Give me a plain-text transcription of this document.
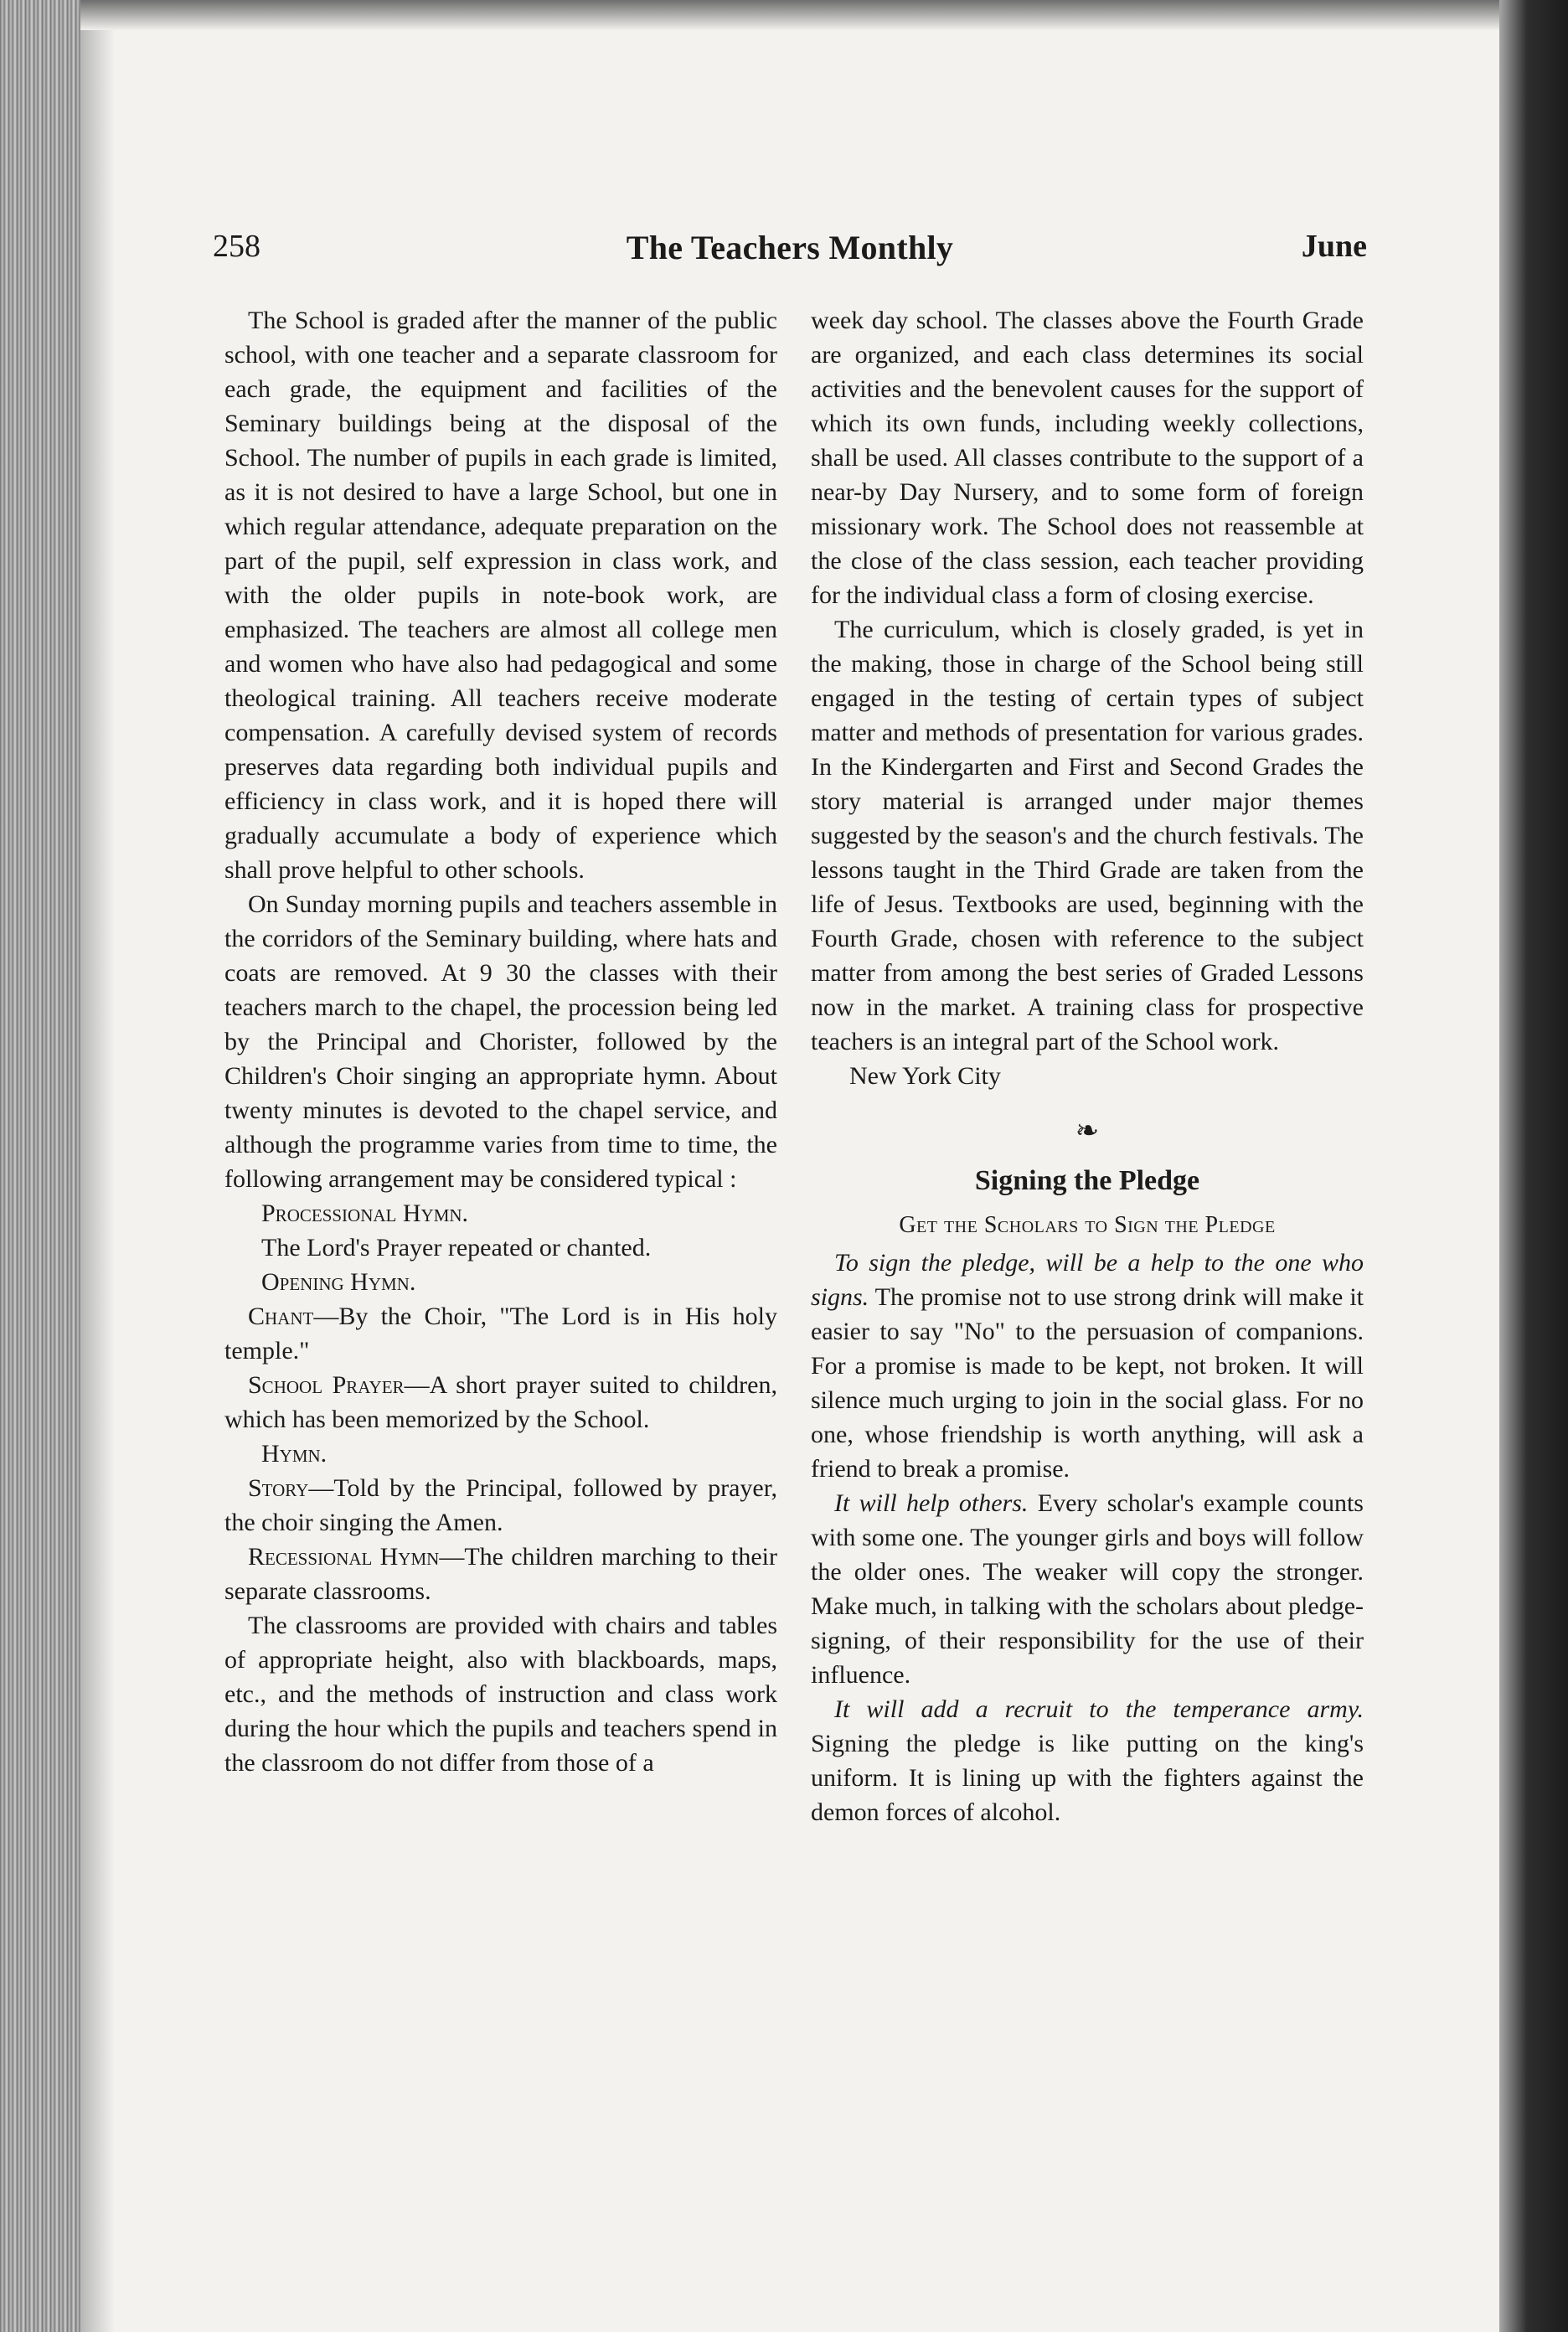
258	The Teachers Monthly	June

The School is graded after the manner of the public school, with one teacher and a separate classroom for each grade, the equipment and facilities of the Seminary buildings being at the disposal of the School. The number of pupils in each grade is limited, as it is not desired to have a large School, but one in which regular attendance, adequate preparation on the part of the pupil, self expression in class work, and with the older pupils in note-book work, are emphasized. The teachers are almost all college men and women who have also had pedagogical and some theological training. All teachers receive moderate compensation. A carefully devised system of records preserves data regarding both individual pupils and efficiency in class work, and it is hoped there will gradually accumulate a body of experience which shall prove helpful to other schools.

On Sunday morning pupils and teachers assemble in the corridors of the Seminary building, where hats and coats are removed. At 9 30 the classes with their teachers march to the chapel, the procession being led by the Principal and Chorister, followed by the Children's Choir singing an appropriate hymn. About twenty minutes is devoted to the chapel service, and although the programme varies from time to time, the following arrangement may be considered typical :

Processional Hymn.

The Lord's Prayer repeated or chanted.

Opening Hymn.

Chant—By the Choir, "The Lord is in His holy temple."

School Prayer—A short prayer suited to children, which has been memorized by the School.

Hymn.

Story—Told by the Principal, followed by prayer, the choir singing the Amen.

Recessional Hymn—The children marching to their separate classrooms.

The classrooms are provided with chairs and tables of appropriate height, also with blackboards, maps, etc., and the methods of instruction and class work during the hour which the pupils and teachers spend in the classroom do not differ from those of a

week day school. The classes above the Fourth Grade are organized, and each class determines its social activities and the benevolent causes for the support of which its own funds, including weekly collections, shall be used. All classes contribute to the support of a near-by Day Nursery, and to some form of foreign missionary work. The School does not reassemble at the close of the class session, each teacher providing for the individual class a form of closing exercise.

The curriculum, which is closely graded, is yet in the making, those in charge of the School being still engaged in the testing of certain types of subject matter and methods of presentation for various grades. In the Kindergarten and First and Second Grades the story material is arranged under major themes suggested by the season's and the church festivals. The lessons taught in the Third Grade are taken from the life of Jesus. Textbooks are used, beginning with the Fourth Grade, chosen with reference to the subject matter from among the best series of Graded Lessons now in the market. A training class for prospective teachers is an integral part of the School work.

New York City

❧
Signing the Pledge
Get the Scholars to Sign the Pledge

To sign the pledge, will be a help to the one who signs. The promise not to use strong drink will make it easier to say "No" to the persuasion of companions. For a promise is made to be kept, not broken. It will silence much urging to join in the social glass. For no one, whose friendship is worth anything, will ask a friend to break a promise.

It will help others. Every scholar's example counts with some one. The younger girls and boys will follow the older ones. The weaker will copy the stronger. Make much, in talking with the scholars about pledge-signing, of their responsibility for the use of their influence.

It will add a recruit to the temperance army. Signing the pledge is like putting on the king's uniform. It is lining up with the fighters against the demon forces of alcohol.
